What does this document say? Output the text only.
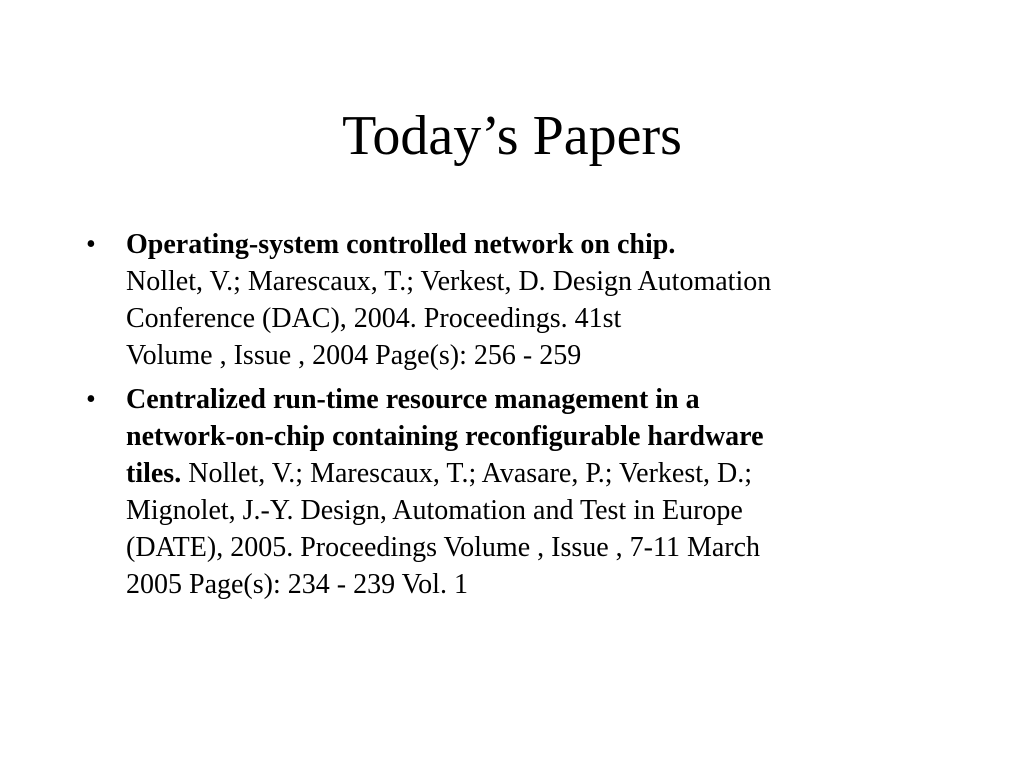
Today’s Papers
•	Operating-system controlled network on chip.
Nollet, V.; Marescaux, T.; Verkest, D. Design Automation
Conference (DAC), 2004. Proceedings. 41st
Volume , Issue , 2004 Page(s): 256 - 259
•	Centralized run-time resource management in a
network-on-chip containing reconfigurable hardware
tiles. Nollet, V.; Marescaux, T.; Avasare, P.; Verkest, D.;
Mignolet, J.-Y. Design, Automation and Test in Europe
(DATE), 2005. Proceedings Volume , Issue , 7-11 March
2005 Page(s): 234 - 239 Vol. 1
